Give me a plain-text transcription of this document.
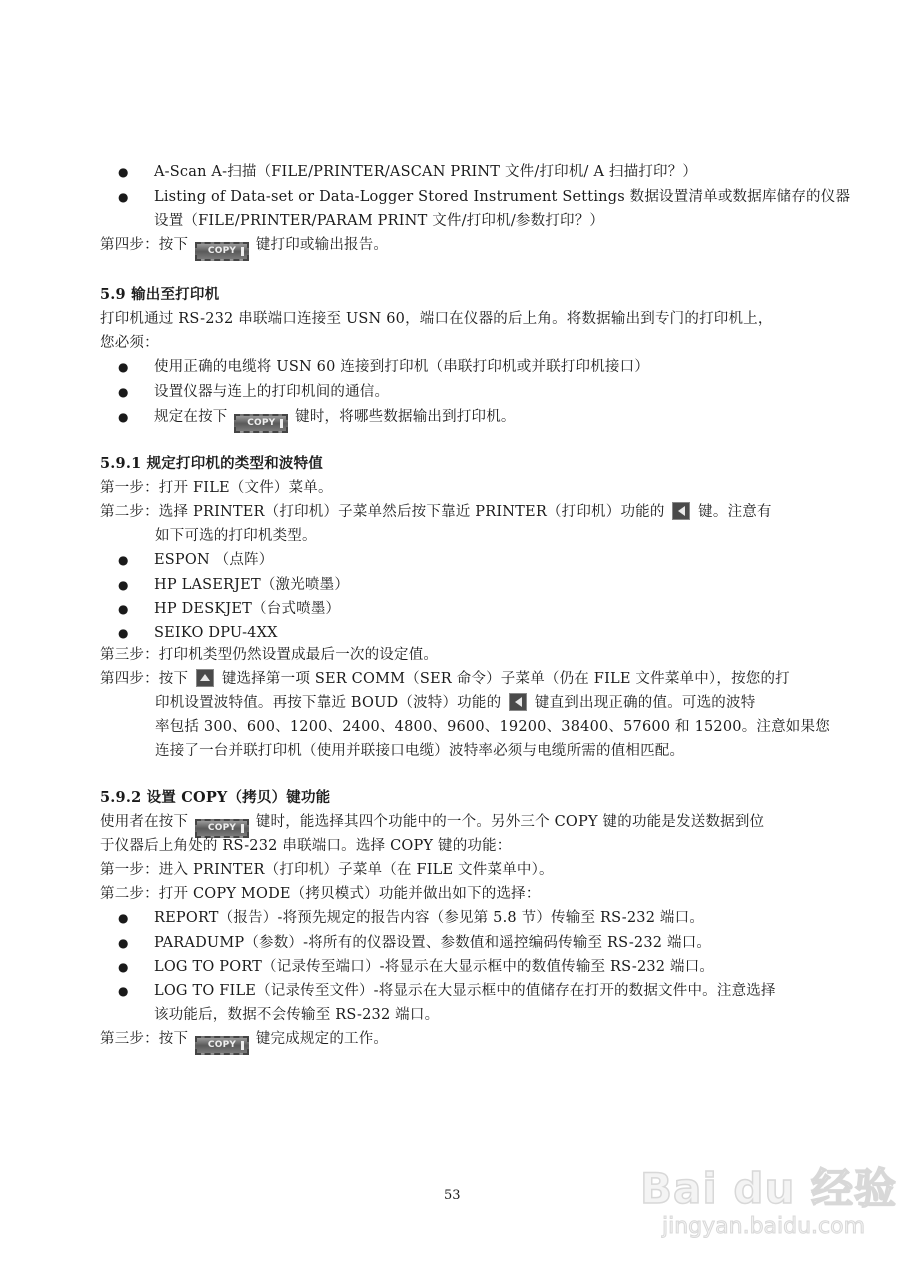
● A-Scan A-扫描（FILE/PRINTER/ASCAN PRINT 文件/打印机/ A 扫描打印？）
● Listing of Data-set or Data-Logger Stored Instrument Settings 数据设置清单或数据库储存的仪器
设置（FILE/PRINTER/PARAM PRINT 文件/打印机/参数打印？）
第四步：按下 COPY 键打印或输出报告。
5.9 输出至打印机
打印机通过 RS-232 串联端口连接至 USN 60，端口在仪器的后上角。将数据输出到专门的打印机上，
您必须：
● 使用正确的电缆将 USN 60 连接到打印机（串联打印机或并联打印机接口）
● 设置仪器与连上的打印机间的通信。
● 规定在按下 COPY 键时，将哪些数据输出到打印机。
5.9.1 规定打印机的类型和波特值
第一步：打开 FILE（文件）菜单。
第二步：选择 PRINTER（打印机）子菜单然后按下靠近 PRINTER（打印机）功能的 键。注意有
如下可选的打印机类型。
● ESPON （点阵）
● HP LASERJET（激光喷墨）
● HP DESKJET（台式喷墨）
● SEIKO DPU-4XX
第三步：打印机类型仍然设置成最后一次的设定值。
第四步：按下 键选择第一项 SER COMM（SER 命令）子菜单（仍在 FILE 文件菜单中），按您的打
印机设置波特值。再按下靠近 BOUD（波特）功能的 键直到出现正确的值。可选的波特
率包括 300、600、1200、2400、4800、9600、19200、38400、57600 和 15200。注意如果您
连接了一台并联打印机（使用并联接口电缆）波特率必须与电缆所需的值相匹配。
5.9.2 设置 COPY（拷贝）键功能
使用者在按下 COPY 键时，能选择其四个功能中的一个。另外三个 COPY 键的功能是发送数据到位
于仪器后上角处的 RS-232 串联端口。选择 COPY 键的功能：
第一步：进入 PRINTER（打印机）子菜单（在 FILE 文件菜单中）。
第二步：打开 COPY MODE（拷贝模式）功能并做出如下的选择：
● REPORT（报告）-将预先规定的报告内容（参见第 5.8 节）传输至 RS-232 端口。
● PARADUMP（参数）-将所有的仪器设置、参数值和遥控编码传输至 RS-232 端口。
● LOG TO PORT（记录传至端口）-将显示在大显示框中的数值传输至 RS-232 端口。
● LOG TO FILE（记录传至文件）-将显示在大显示框中的值储存在打开的数据文件中。注意选择
该功能后，数据不会传输至 RS-232 端口。
第三步：按下 COPY 键完成规定的工作。
53	Bai du 经验
jingyan.baidu.com
